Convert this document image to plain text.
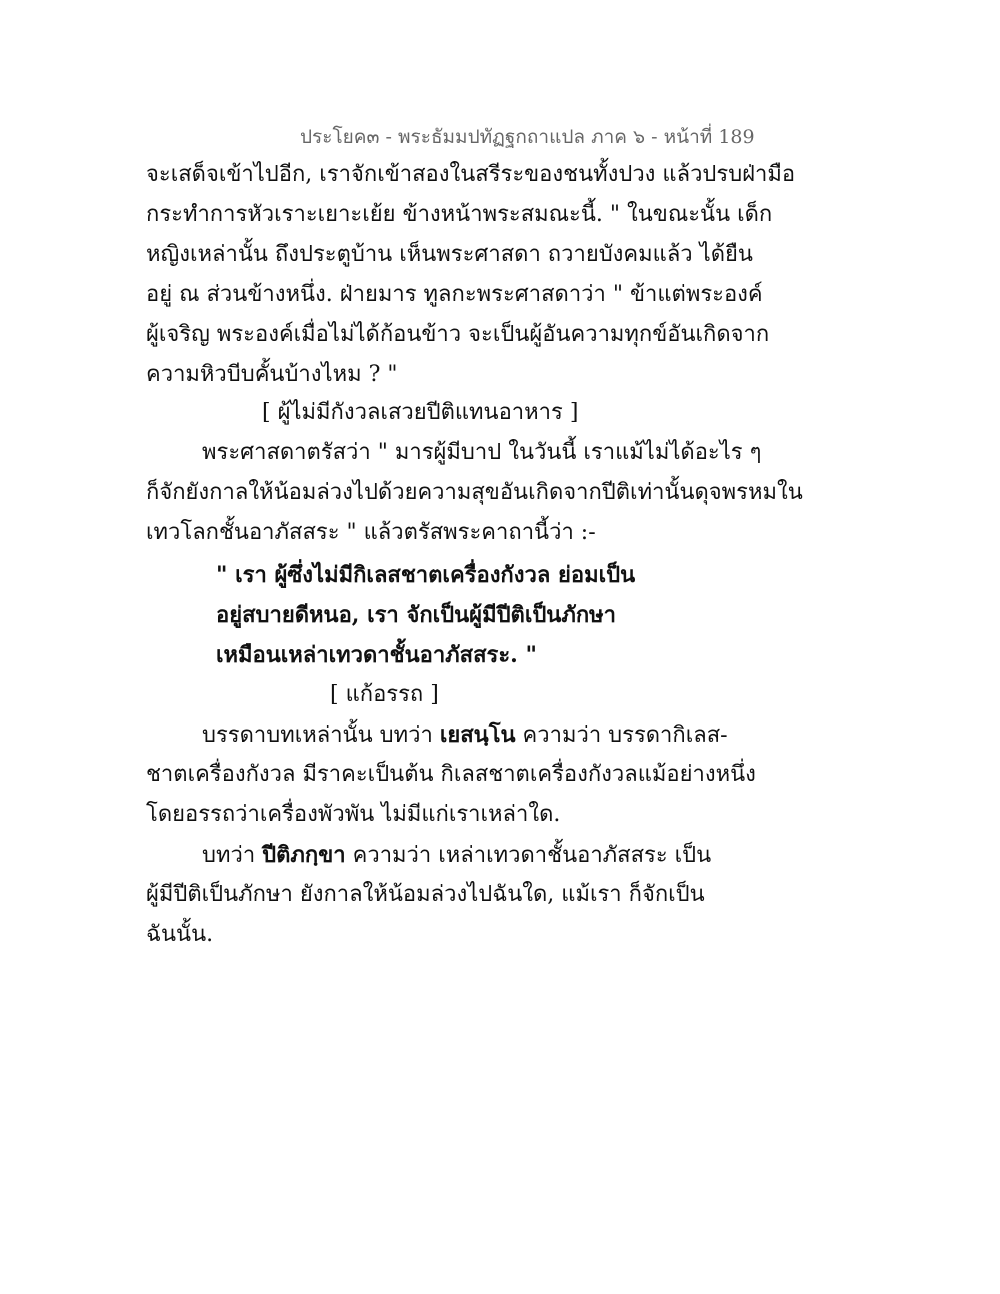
ประโยค๓ - พระธัมมปทัฏฐกถาแปล ภาค ๖ - หน้าที่ 189
จะเสด็จเข้าไปอีก, เราจักเข้าสองในสรีระของชนทั้งปวง แล้วปรบฝ่ามือ
กระทำการหัวเราะเยาะเย้ย ข้างหน้าพระสมณะนี้. " ในขณะนั้น เด็ก
หญิงเหล่านั้น ถึงประตูบ้าน เห็นพระศาสดา ถวายบังคมแล้ว ได้ยืน
อยู่ ณ ส่วนข้างหนึ่ง. ฝ่ายมาร ทูลกะพระศาสดาว่า " ข้าแต่พระองค์
ผู้เจริญ พระองค์เมื่อไม่ได้ก้อนข้าว จะเป็นผู้อันความทุกข์อันเกิดจาก
ความหิวบีบคั้นบ้างไหม ? "
[ ผู้ไม่มีกังวลเสวยปีติแทนอาหาร ]
พระศาสดาตรัสว่า " มารผู้มีบาป ในวันนี้ เราแม้ไม่ได้อะไร ๆ
ก็จักยังกาลให้น้อมล่วงไปด้วยความสุขอันเกิดจากปีติเท่านั้นดุจพรหมใน
เทวโลกชั้นอาภัสสระ " แล้วตรัสพระคาถานี้ว่า :-
" เรา ผู้ซึ่งไม่มีกิเลสชาตเครื่องกังวล ย่อมเป็น
อยู่สบายดีหนอ, เรา จักเป็นผู้มีปีติเป็นภักษา
เหมือนเหล่าเทวดาชั้นอาภัสสระ. "
[ แก้อรรถ ]
บรรดาบทเหล่านั้น บทว่า เยสนฺโน ความว่า บรรดากิเลส-
ชาตเครื่องกังวล มีราคะเป็นต้น กิเลสชาตเครื่องกังวลแม้อย่างหนึ่ง
โดยอรรถว่าเครื่องพัวพัน ไม่มีแก่เราเหล่าใด.
บทว่า ปีติภกฺขา ความว่า เหล่าเทวดาชั้นอาภัสสระ เป็น
ผู้มีปีติเป็นภักษา ยังกาลให้น้อมล่วงไปฉันใด, แม้เรา ก็จักเป็น
ฉันนั้น.
